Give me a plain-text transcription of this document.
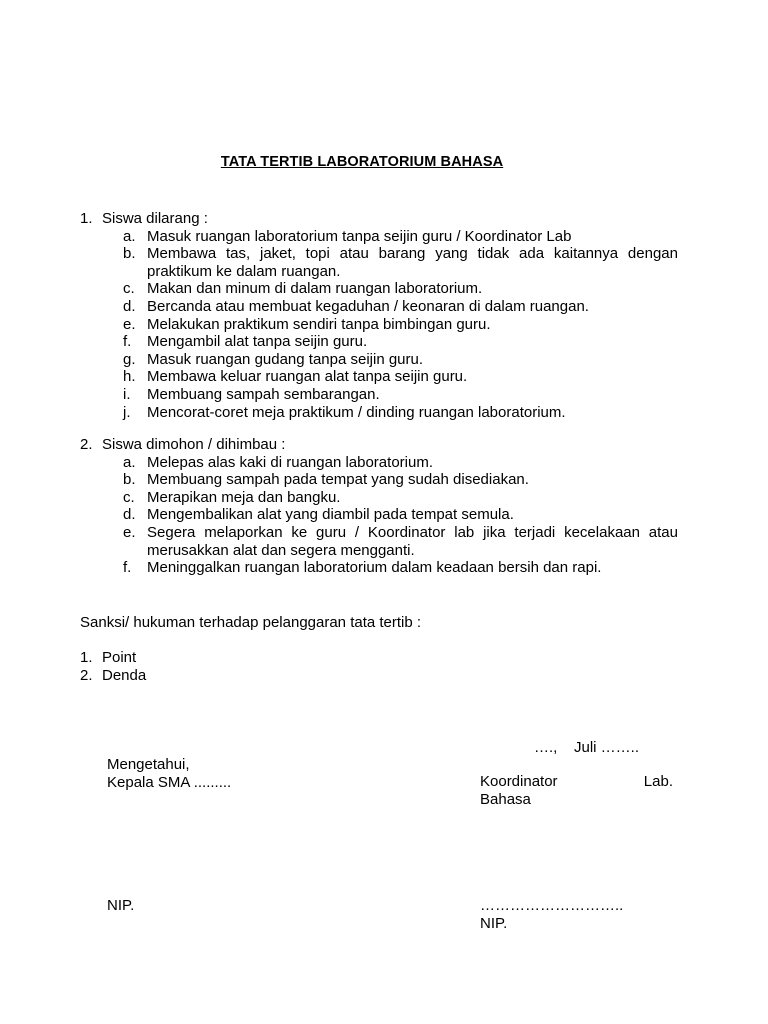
TATA TERTIB LABORATORIUM BAHASA
1. Siswa dilarang :
a. Masuk ruangan laboratorium tanpa seijin guru / Koordinator Lab
b. Membawa tas, jaket, topi atau barang yang tidak ada kaitannya dengan praktikum ke dalam ruangan.
c. Makan dan minum di dalam ruangan laboratorium.
d. Bercanda atau membuat kegaduhan / keonaran di dalam ruangan.
e. Melakukan praktikum sendiri tanpa bimbingan guru.
f.	Mengambil alat tanpa seijin guru.
g. Masuk ruangan gudang tanpa seijin guru.
h. Membawa keluar ruangan alat tanpa seijin guru.
i.	Membuang sampah sembarangan.
j.	Mencorat-coret meja praktikum / dinding ruangan laboratorium.
2. Siswa dimohon / dihimbau :
a. Melepas alas kaki di ruangan laboratorium.
b. Membuang sampah pada tempat yang sudah disediakan.
c. Merapikan meja dan bangku.
d. Mengembalikan alat yang diambil pada tempat semula.
e. Segera melaporkan ke guru / Koordinator lab jika terjadi kecelakaan atau merusakkan alat dan segera mengganti.
f.	Meninggalkan ruangan laboratorium dalam keadaan bersih dan rapi.
Sanksi/ hukuman terhadap pelanggaran tata tertib :
1. Point
2. Denda
….,    Juli ……..
Mengetahui,
Kepala SMA .........	Koordinator	Lab.
Bahasa
NIP.	………………………..
NIP.
